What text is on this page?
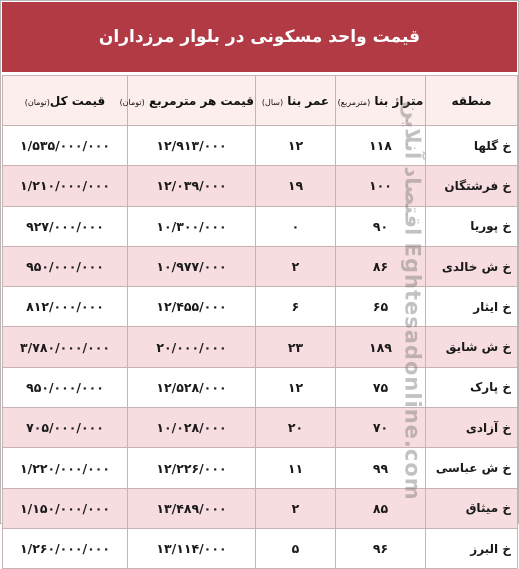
قیمت واحد مسکونی در بلوار مرزداران
منطقه	متراژ بنا (مترمربع)	عمر بنا (سال)	قیمت هر مترمربع (تومان)	قیمت کل(تومان)
خ گلها	۱۱۸	۱۲	۱۲/۹۱۳/۰۰۰	۱/۵۳۵/۰۰۰/۰۰۰
خ فرشتگان	۱۰۰	۱۹	۱۲/۰۳۹/۰۰۰	۱/۲۱۰/۰۰۰/۰۰۰
خ پوریا	۹۰	۰	۱۰/۳۰۰/۰۰۰	۹۲۷/۰۰۰/۰۰۰
خ ش خالدی	۸۶	۲	۱۰/۹۷۷/۰۰۰	۹۵۰/۰۰۰/۰۰۰
خ ایثار	۶۵	۶	۱۲/۴۵۵/۰۰۰	۸۱۲/۰۰۰/۰۰۰
خ ش شایق	۱۸۹	۲۳	۲۰/۰۰۰/۰۰۰	۳/۷۸۰/۰۰۰/۰۰۰
خ پارک	۷۵	۱۲	۱۲/۵۲۸/۰۰۰	۹۵۰/۰۰۰/۰۰۰
خ آزادی	۷۰	۲۰	۱۰/۰۲۸/۰۰۰	۷۰۵/۰۰۰/۰۰۰
خ ش عباسی	۹۹	۱۱	۱۲/۲۲۶/۰۰۰	۱/۲۲۰/۰۰۰/۰۰۰
خ میثاق	۸۵	۲	۱۳/۴۸۹/۰۰۰	۱/۱۵۰/۰۰۰/۰۰۰
خ البرز	۹۶	۵	۱۳/۱۱۴/۰۰۰	۱/۲۶۰/۰۰۰/۰۰۰
اقتصاد آنلاین Eghtesadonline.com
